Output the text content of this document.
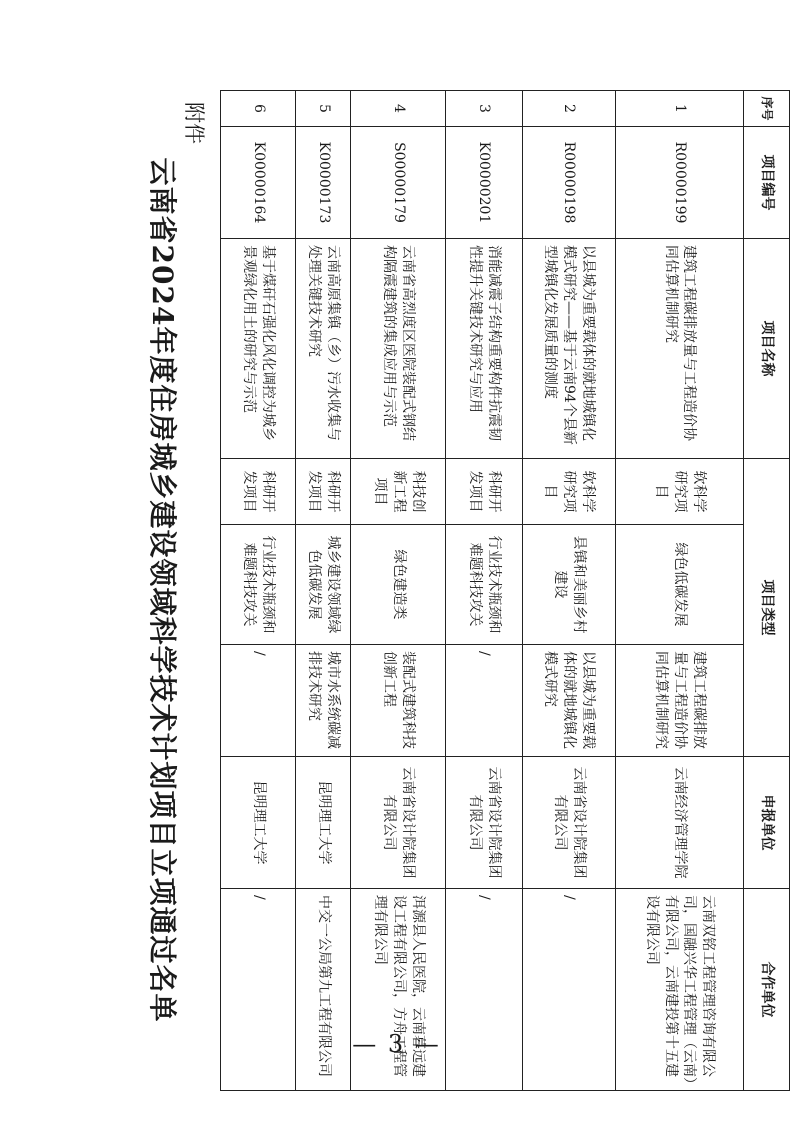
序号	项目编号	项目名称	项目类型			申报单位	合作单位
1	R00000199	建筑工程碳排放量与工程造价协同估算机制研究	软科学研究项目	绿色低碳发展	建筑工程碳排放量与工程造价协同估算机制研究	云南经济管理学院	云南双铭工程管理咨询有限公司，国融兴华工程管理（云南）有限公司，云南建投第十五建设有限公司
2	R00000198	以县城为重要载体的就地城镇化模式研究——基于云南94个县新型城镇化发展质量的测度	软科学研究项目	县镇和美丽乡村建设	以县城为重要载体的就地城镇化模式研究	云南省设计院集团有限公司	/
3	K00000201	消能减震子结构重要构件抗震韧性提升关键技术研究与应用	科研开发项目	行业技术瓶颈和难题科技攻关	/	云南省设计院集团有限公司	/
4	S00000179	云南省高烈度区医院装配式钢结构隔震建筑的集成应用与示范	科技创新工程项目	绿色建造类	装配式建筑科技创新工程	云南省设计院集团有限公司	洱源县人民医院，云南暮远建设工程有限公司，方舟工程管理有限公司
5	K00000173	云南高原集镇（乡）污水收集与处理关键技术研究	科研开发项目	城乡建设领域绿色低碳发展	城市水系统碳减排技术研究	昆明理工大学	中交一公局第九工程有限公司
6	K00000164	基于煤矸石强化风化调控为城乡景观绿化用土的研究与示范	科研开发项目	行业技术瓶颈和难题科技攻关	/	昆明理工大学	/
附件
云南省2024年度住房城乡建设领域科学技术计划项目立项通过名单
— 3 —
